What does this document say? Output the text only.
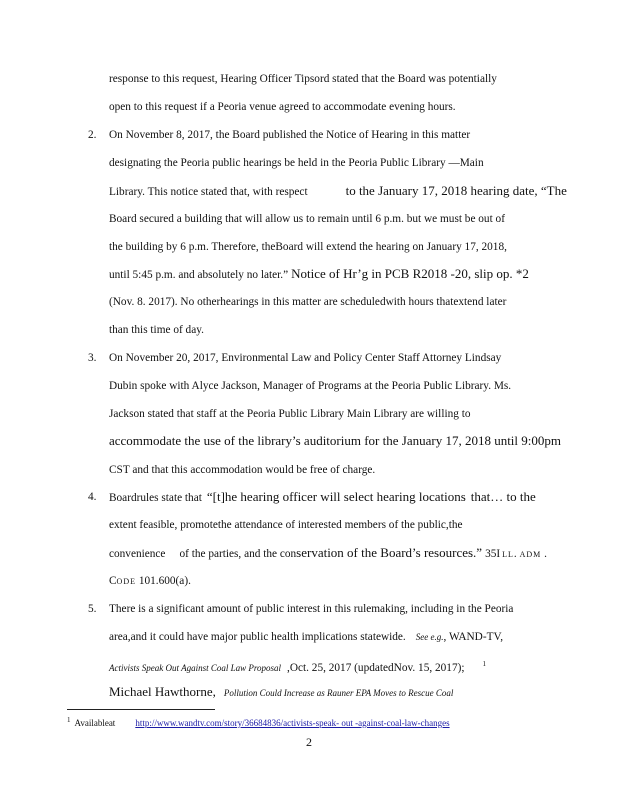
response to this request, Hearing Officer Tipsord stated that the Board was potentially
open to this request if a Peoria venue agreed to accommodate evening hours.
2. On November 8, 2017, the Board published the Notice of Hearing in this matter
designating the Peoria public hearings be held in the Peoria Public Library —Main
Library. This notice stated that, with respect	to the January 17, 2018 hearing date, “The
Board secured a building that will allow us to remain until 6 p.m. but we must be out of
the building by 6 p.m. Therefore, theBoard will extend the hearing on January 17, 2018,
until 5:45 p.m. and absolutely no later.” Notice of Hr’g in PCB R2018 -20, slip op. *2
(Nov. 8. 2017). No otherhearings in this matter are scheduledwith hours thatextend later
than this time of day.
3. On November 20, 2017, Environmental Law and Policy Center Staff Attorney Lindsay
Dubin spoke with Alyce Jackson, Manager of Programs at the Peoria Public Library. Ms.
Jackson stated that staff at the Peoria Public Library Main Library are willing to
accommodate the use of the library’s auditorium for the January 17, 2018 until 9:00pm
CST and that this accommodation would be free of charge.
4. Boardrules state that “[t]he hearing officer will select hearing locations that… to the
extent feasible, promotethe attendance of interested members of the public,the
convenience of the parties, and the conservation of the Board’s resources.” 35I LL. ADM .
CODE 101.600(a).
5. There is a significant amount of public interest in this rulemaking, including in the Peoria
area,and it could have major public health implications statewide. See e.g., WAND-TV,
Activists Speak Out Against Coal Law Proposal ,Oct. 25, 2017 (updatedNov. 15, 2017);	$^1$
Michael Hawthorne, Pollution Could Increase as Rauner EPA Moves to Rescue Coal
$^1$ Availableat http://www.wandtv.com/story/36684836/activists-speak- out -against-coal-law-changes
2
